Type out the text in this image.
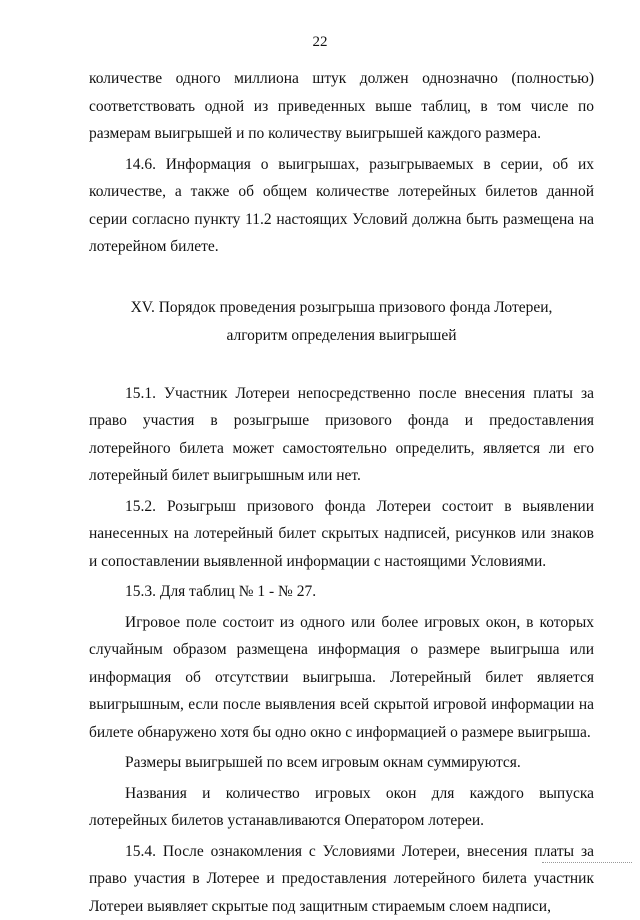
22

количестве одного миллиона штук должен однозначно (полностью) соответствовать одной из приведенных выше таблиц, в том числе по размерам выигрышей и по количеству выигрышей каждого размера.

14.6. Информация о выигрышах, разыгрываемых в серии, об их количестве, а также об общем количестве лотерейных билетов данной серии согласно пункту 11.2 настоящих Условий должна быть размещена на лотерейном билете.

XV. Порядок проведения розыгрыша призового фонда Лотереи,
алгоритм определения выигрышей

15.1. Участник Лотереи непосредственно после внесения платы за право участия в розыгрыше призового фонда и предоставления лотерейного билета может самостоятельно определить, является ли его лотерейный билет выигрышным или нет.

15.2. Розыгрыш призового фонда Лотереи состоит в выявлении нанесенных на лотерейный билет скрытых надписей, рисунков или знаков и сопоставлении выявленной информации с настоящими Условиями.

15.3. Для таблиц № 1 - № 27.

Игровое поле состоит из одного или более игровых окон, в которых случайным образом размещена информация о размере выигрыша или информация об отсутствии выигрыша. Лотерейный билет является выигрышным, если после выявления всей скрытой игровой информации на билете обнаружено хотя бы одно окно с информацией о размере выигрыша.

Размеры выигрышей по всем игровым окнам суммируются.

Названия и количество игровых окон для каждого выпуска лотерейных билетов устанавливаются Оператором лотереи.

15.4. После ознакомления с Условиями Лотереи, внесения платы за право участия в Лотерее и предоставления лотерейного билета участник Лотереи выявляет скрытые под защитным стираемым слоем надписи,
